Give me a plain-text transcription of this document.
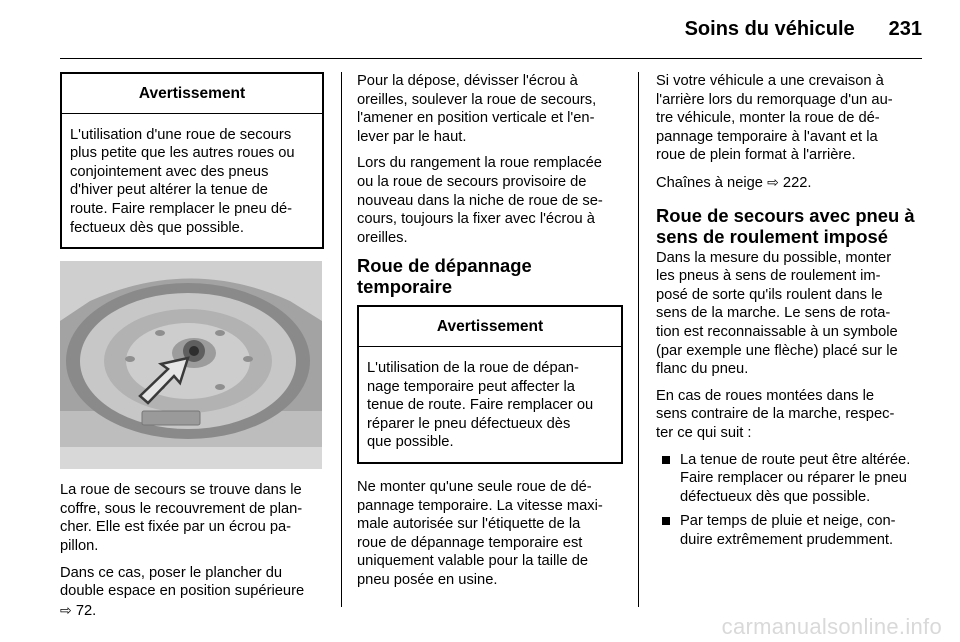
Soins du véhicule 231
Avertissement
L'utilisation d'une roue de secours
plus petite que les autres roues ou
conjointement avec des pneus
d'hiver peut altérer la tenue de
route. Faire remplacer le pneu dé-
fectueux dès que possible.

La roue de secours se trouve dans le
coffre, sous le recouvrement de plan-
cher. Elle est fixée par un écrou pa-
pillon.

Dans ce cas, poser le plancher du
double espace en position supérieure
⇨ 72.

Pour la dépose, dévisser l'écrou à
oreilles, soulever la roue de secours,
l'amener en position verticale et l'en-
lever par le haut.

Lors du rangement la roue remplacée
ou la roue de secours provisoire de
nouveau dans la niche de roue de se-
cours, toujours la fixer avec l'écrou à
oreilles.

Roue de dépannage temporaire
Avertissement
L'utilisation de la roue de dépan-
nage temporaire peut affecter la
tenue de route. Faire remplacer ou
réparer le pneu défectueux dès
que possible.

Ne monter qu'une seule roue de dé-
pannage temporaire. La vitesse maxi-
male autorisée sur l'étiquette de la
roue de dépannage temporaire est
uniquement valable pour la taille de
pneu posée en usine.

Si votre véhicule a une crevaison à
l'arrière lors du remorquage d'un au-
tre véhicule, monter la roue de dé-
pannage temporaire à l'avant et la
roue de plein format à l'arrière.

Chaînes à neige ⇨ 222.

Roue de secours avec pneu à
sens de roulement imposé

Dans la mesure du possible, monter
les pneus à sens de roulement im-
posé de sorte qu'ils roulent dans le
sens de la marche. Le sens de rota-
tion est reconnaissable à un symbole
(par exemple une flèche) placé sur le
flanc du pneu.

En cas de roues montées dans le
sens contraire de la marche, respec-
ter ce qui suit :

La tenue de route peut être altérée.
Faire remplacer ou réparer le pneu
défectueux dès que possible.
Par temps de pluie et neige, con-
duire extrêmement prudemment.
carmanualsonline.info
